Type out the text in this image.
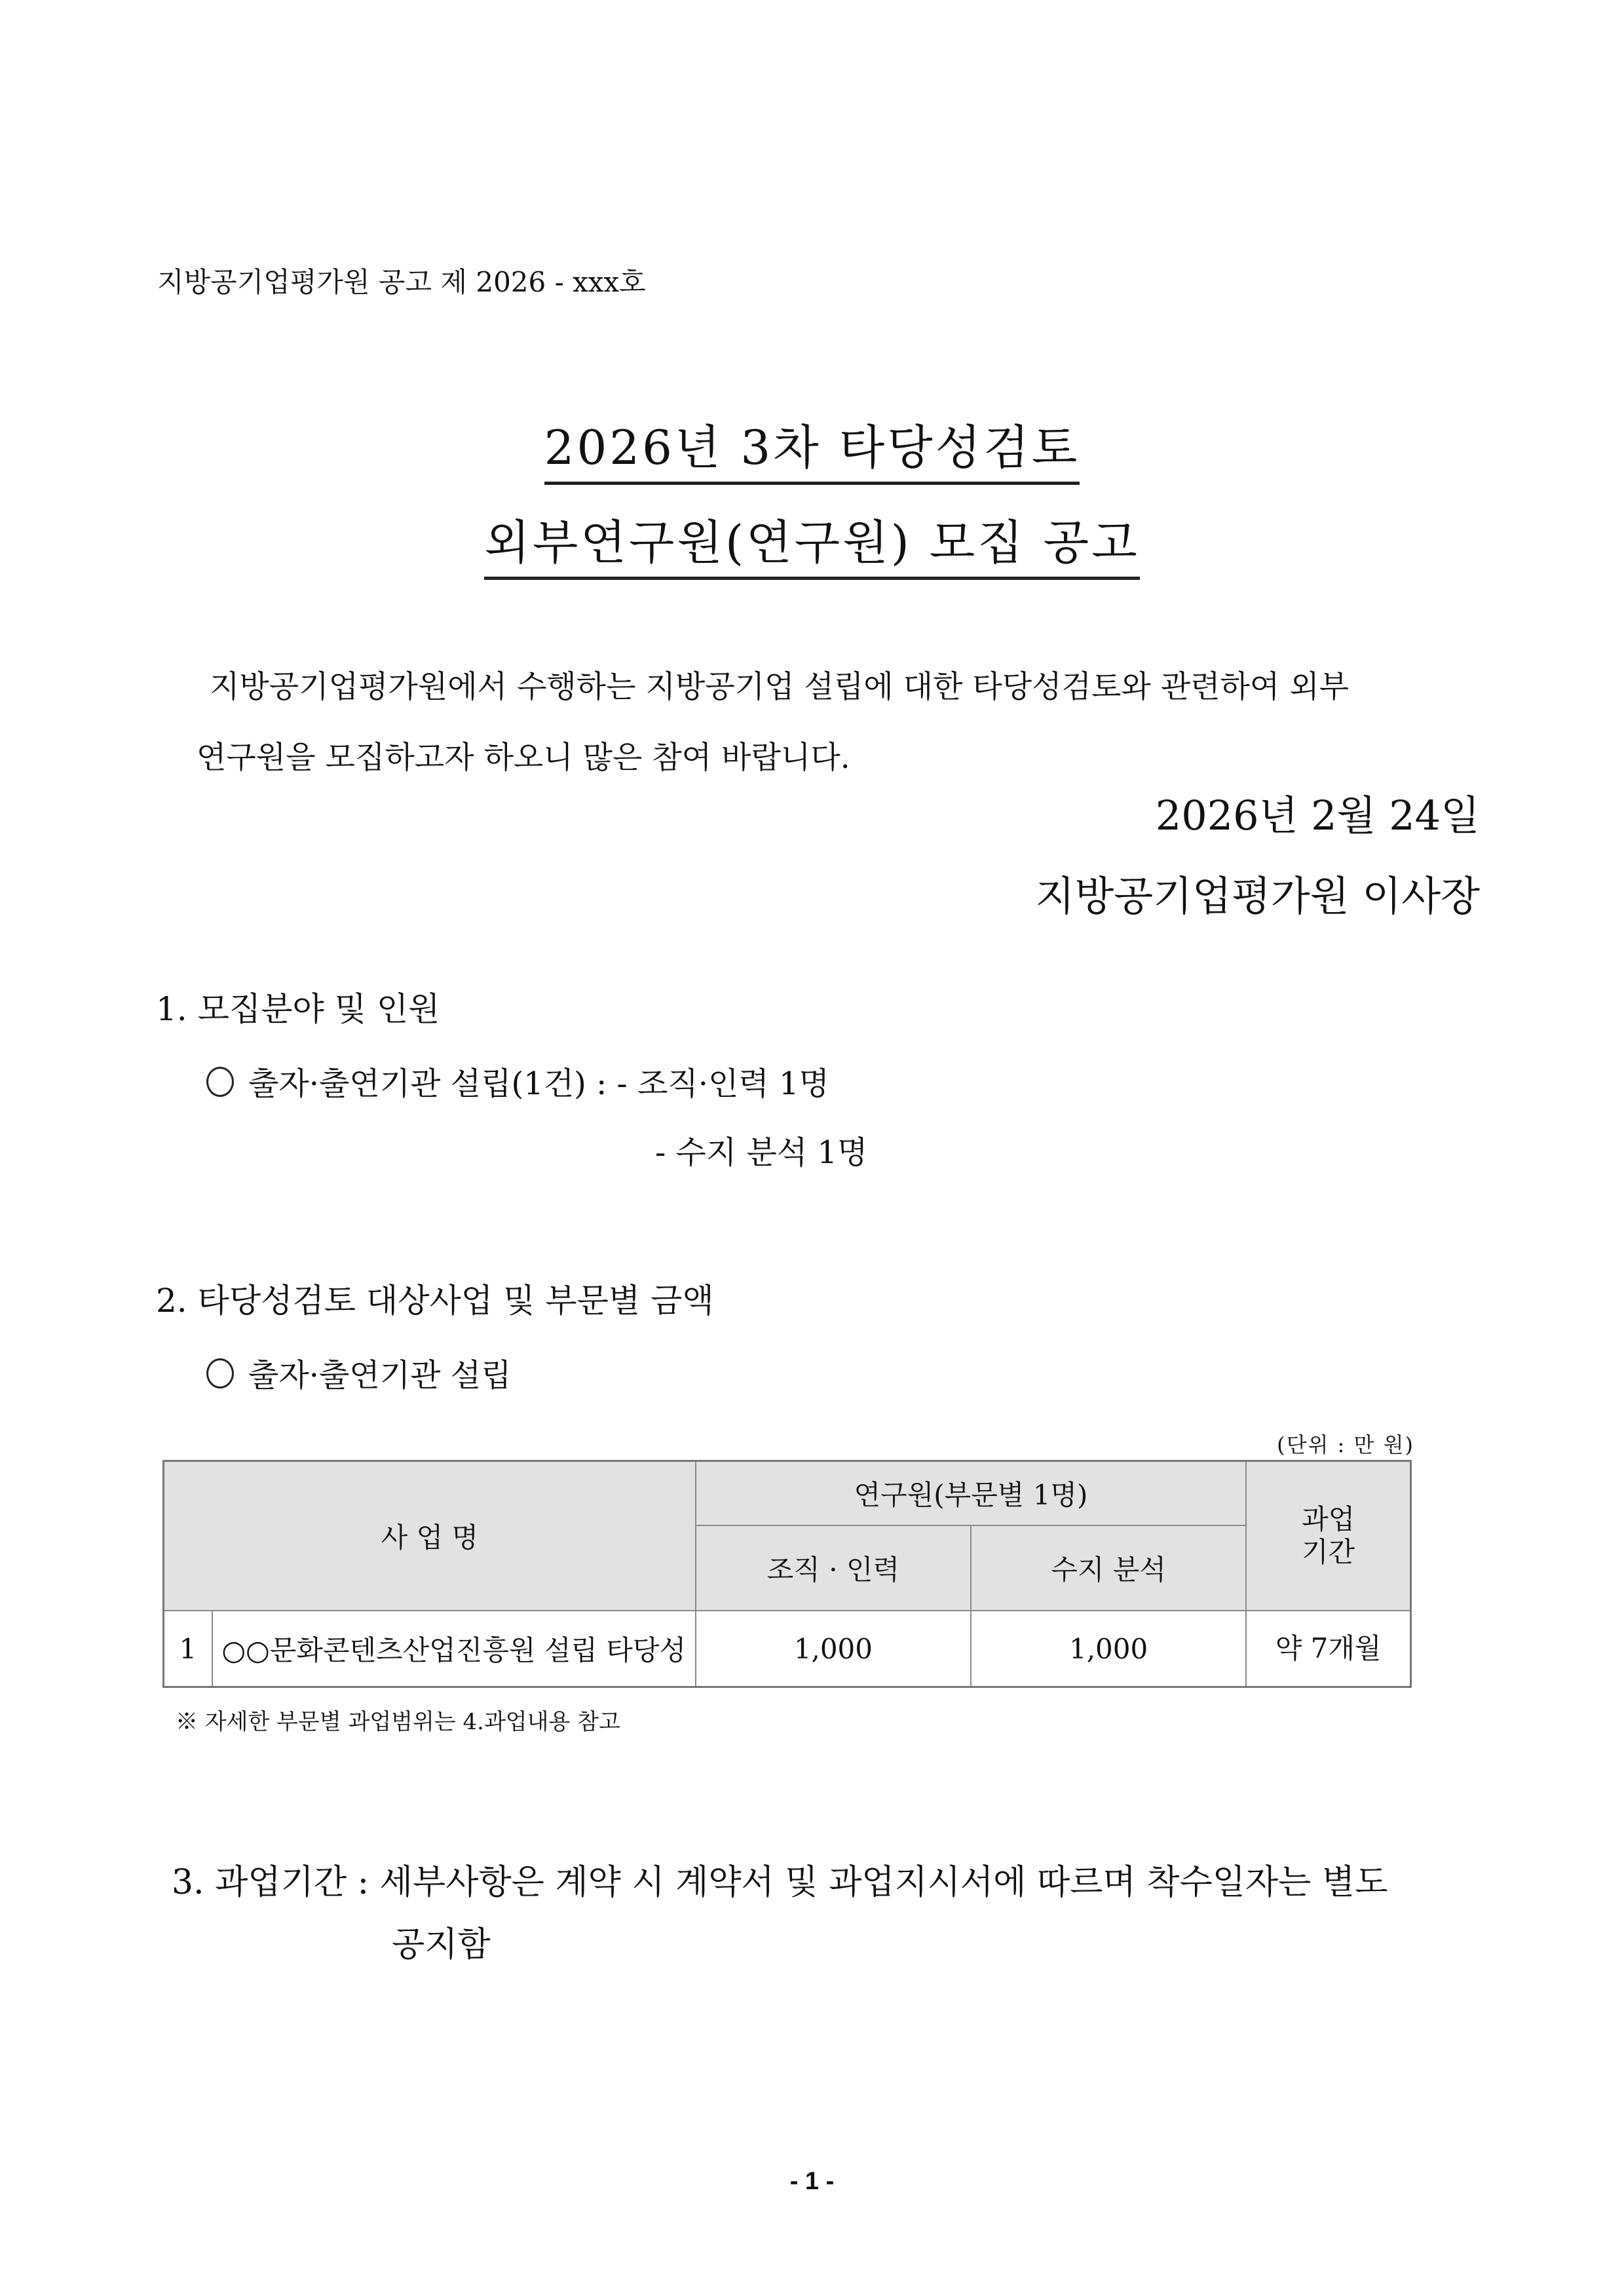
지방공기업평가원 공고 제 2026 - xxx호
2026년 3차 타당성검토
외부연구원(연구원) 모집 공고
지방공기업평가원에서 수행하는 지방공기업 설립에 대한 타당성검토와 관련하여 외부
연구원을 모집하고자 하오니 많은 참여 바랍니다.
2026년 2월 24일
지방공기업평가원 이사장
1. 모집분야 및 인원
출자·출연기관 설립(1건) : - 조직·인력 1명
- 수지 분석 1명
2. 타당성검토 대상사업 및 부문별 금액
출자·출연기관 설립
(단위 : 만 원)
사 업 명		연구원(부문별 1명)		과업
기간

		조직 · 인력	수지 분석	
1	○○문화콘텐츠산업진흥원 설립 타당성	1,000	1,000	약 7개월
※ 자세한 부문별 과업범위는 4.과업내용 참고
3. 과업기간 : 세부사항은 계약 시 계약서 및 과업지시서에 따르며 착수일자는 별도
공지함
- 1 -
